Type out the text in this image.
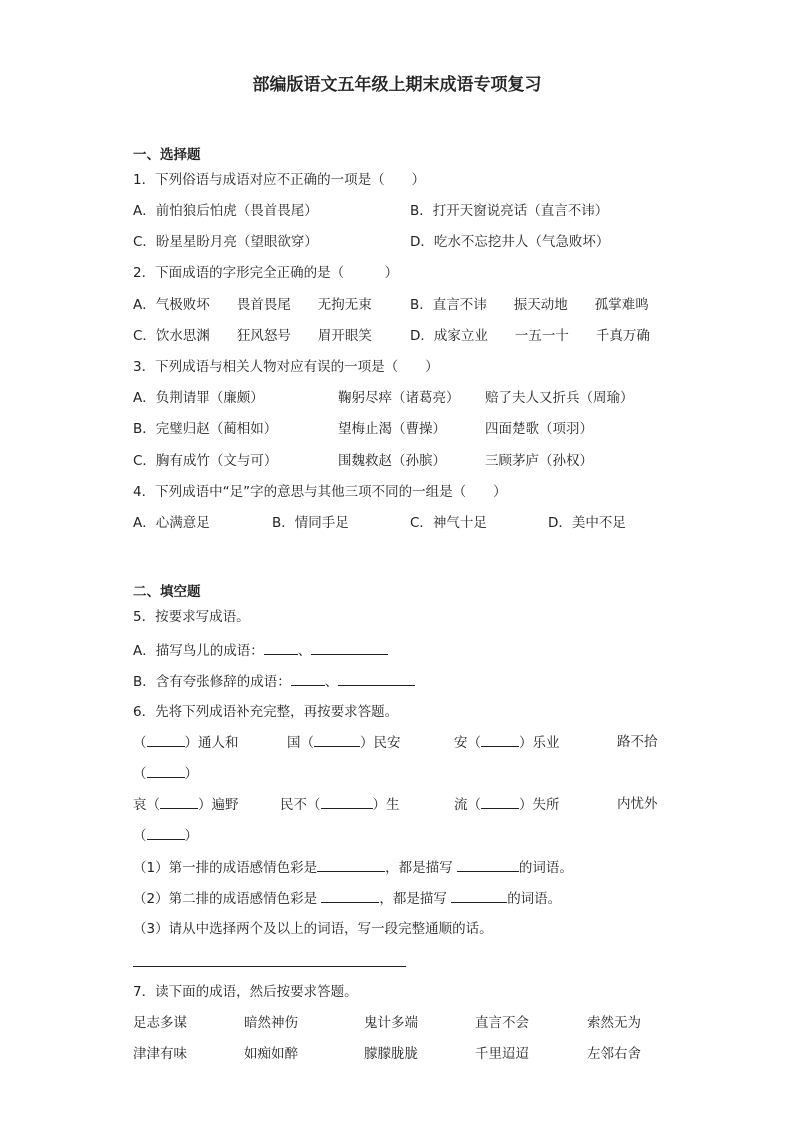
部编版语文五年级上期末成语专项复习
一、选择题
1．下列俗语与成语对应不正确的一项是（　　）
A．前怕狼后怕虎（畏首畏尾）	B．打开天窗说亮话（直言不讳）
C．盼星星盼月亮（望眼欲穿）	D．吃水不忘挖井人（气急败坏）
2．下面成语的字形完全正确的是（　　　）
A．气极败坏　　畏首畏尾　　无拘无束	B．直言不讳　　振天动地　　孤掌难鸣
C．饮水思渊　　狂风怒号　　眉开眼笑	D．成家立业　　一五一十　　千真万确
3．下列成语与相关人物对应有误的一项是（　　）
A．负荆请罪（廉颇）	鞠躬尽瘁（诸葛亮） 赔了夫人又折兵（周瑜）
B．完璧归赵（蔺相如）	望梅止渴（曹操）	四面楚歌（项羽）
C．胸有成竹（文与可）	围魏救赵（孙膑）	三顾茅庐（孙权）
4．下列成语中“足”字的意思与其他三项不同的一组是（　　）
A．心满意足	B．情同手足	C．神气十足	D．美中不足
二、填空题
5．按要求写成语。
A．描写鸟儿的成语：	、
B．含有夸张修辞的成语：	、
6．先将下列成语补充完整，再按要求答题。
（	）通人和	国（	）民安	安（	）乐业	路不拾
（	）
哀（	）遍野	民不（	）生	流（	）失所	内忧外
（	）
（1）第一排的成语感情色彩是	，都是描写	的词语。
（2）第二排的成语感情色彩是	，都是描写	的词语。
（3）请从中选择两个及以上的词语，写一段完整通顺的话。
7．读下面的成语，然后按要求答题。
足志多谋	暗然神伤	鬼计多端	直言不会	索然无为
津津有味	如痴如醉	朦朦胧胧	千里迢迢	左邻右舍
